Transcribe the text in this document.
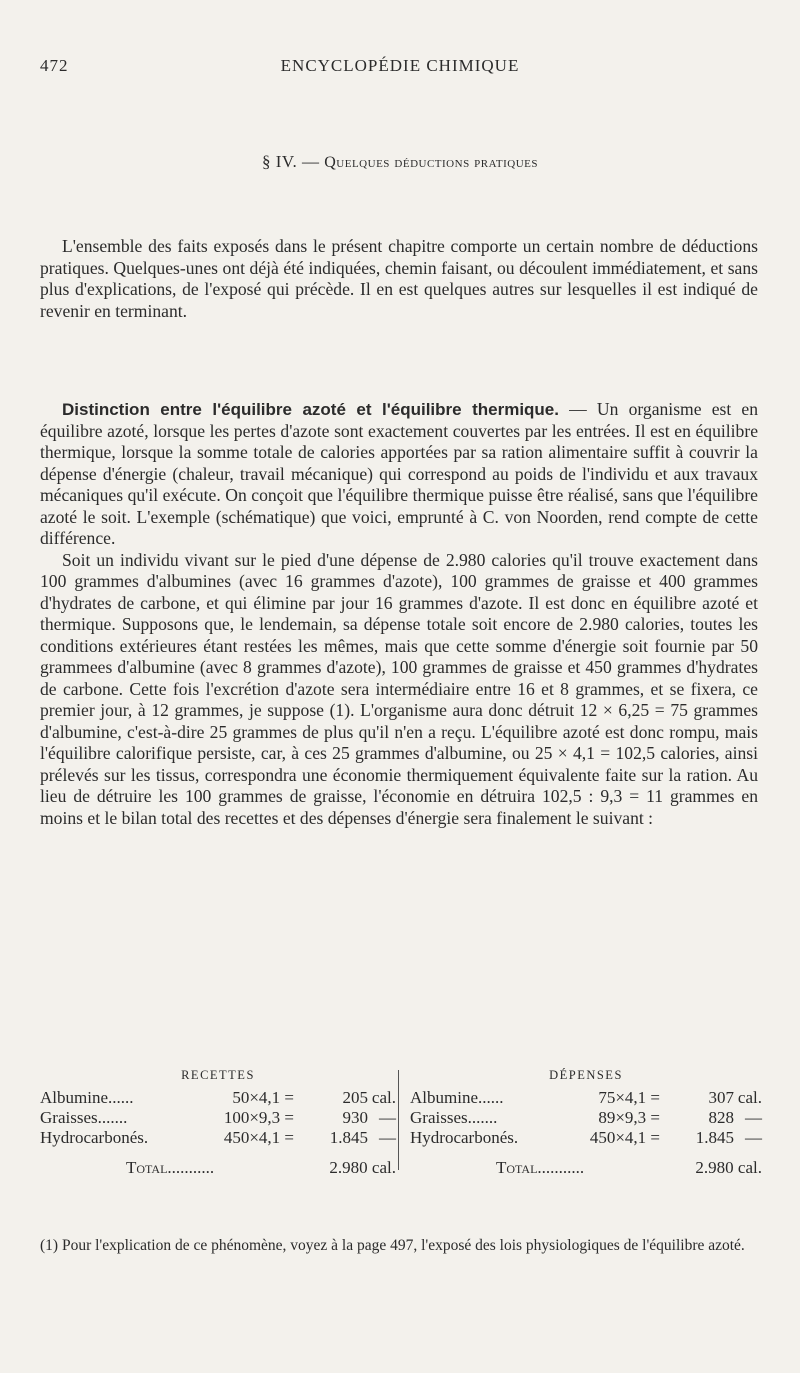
472	ENCYCLOPÉDIE CHIMIQUE
§ IV. — Quelques déductions pratiques

L'ensemble des faits exposés dans le présent chapitre comporte un certain nombre de déductions pratiques. Quelques-unes ont déjà été indiquées, chemin faisant, ou découlent immédiatement, et sans plus d'explications, de l'exposé qui précède. Il en est quelques autres sur lesquelles il est indiqué de revenir en terminant.

Distinction entre l'équilibre azoté et l'équilibre thermique. — Un organisme est en équilibre azoté, lorsque les pertes d'azote sont exactement couvertes par les entrées. Il est en équilibre thermique, lorsque la somme totale de calories apportées par sa ration alimentaire suffit à couvrir la dépense d'énergie (chaleur, travail mécanique) qui correspond au poids de l'individu et aux travaux mécaniques qu'il exécute. On conçoit que l'équilibre thermique puisse être réalisé, sans que l'équilibre azoté le soit. L'exemple (schématique) que voici, emprunté à C. von Noorden, rend compte de cette différence.

Soit un individu vivant sur le pied d'une dépense de 2.980 calories qu'il trouve exactement dans 100 grammes d'albumines (avec 16 grammes d'azote), 100 grammes de graisse et 400 grammes d'hydrates de carbone, et qui élimine par jour 16 grammes d'azote. Il est donc en équilibre azoté et thermique. Supposons que, le lendemain, sa dépense totale soit encore de 2.980 calories, toutes les conditions extérieures étant restées les mêmes, mais que cette somme d'énergie soit fournie par 50 grammees d'albumine (avec 8 grammes d'azote), 100 grammes de graisse et 450 grammes d'hydrates de carbone. Cette fois l'excrétion d'azote sera intermédiaire entre 16 et 8 grammes, et se fixera, ce premier jour, à 12 grammes, je suppose (1). L'organisme aura donc détruit 12 × 6,25 = 75 grammes d'albumine, c'est-à-dire 25 grammes de plus qu'il n'en a reçu. L'équilibre azoté est donc rompu, mais l'équilibre calorifique persiste, car, à ces 25 grammes d'albumine, ou 25 × 4,1 = 102,5 calories, ainsi prélevés sur les tissus, correspondra une économie thermiquement équivalente faite sur la ration. Au lieu de détruire les 100 grammes de graisse, l'économie en détruira 102,5 : 9,3 = 11 grammes en moins et le bilan total des recettes et des dépenses d'énergie sera finalement le suivant :

RECETTES
Albumine......	50×4,1 =	205 cal.
Graisses.......	100×9,3 =	930 —
Hydrocarbonés.	450×4,1 = 1.845 —
Total...........	2.980 cal.
DÉPENSES
Albumine......	75×4,1 =	307 cal.
Graisses.......	89×9,3 =	828 —
Hydrocarbonés.	450×4,1 = 1.845 —
Total...........	2.980 cal.
(1) Pour l'explication de ce phénomène, voyez à la page 497, l'exposé des lois physiologiques de l'équilibre azoté.
